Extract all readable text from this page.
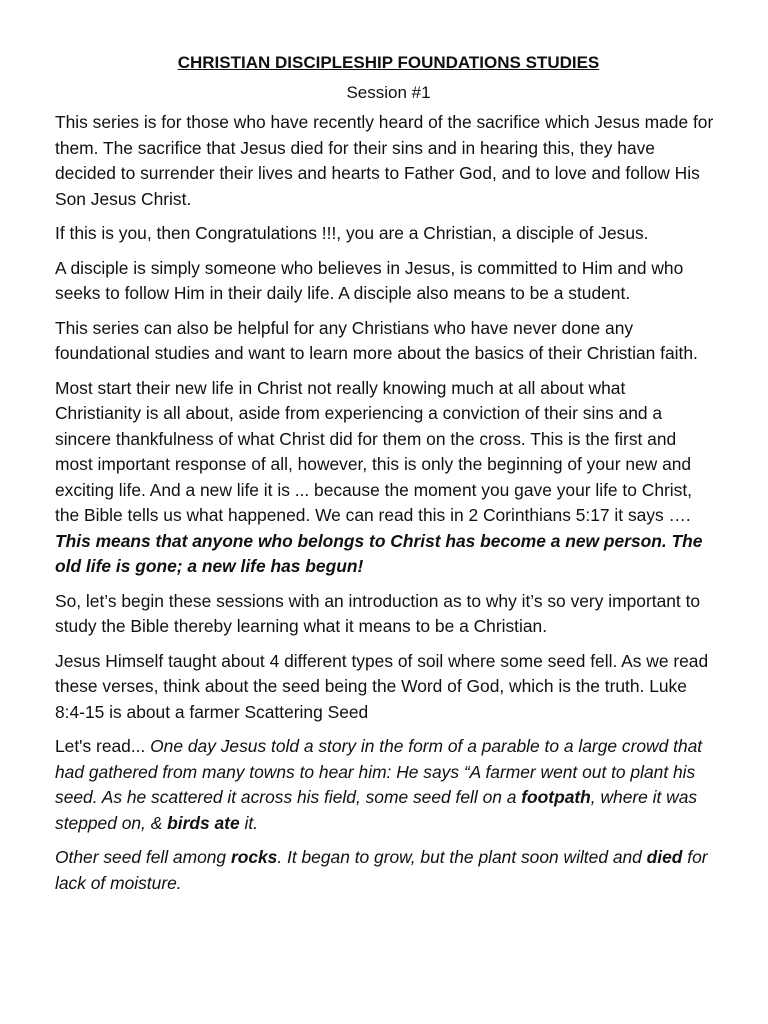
CHRISTIAN DISCIPLESHIP FOUNDATIONS STUDIES
Session #1

This series is for those who have recently heard of the sacrifice which Jesus made for them. The sacrifice that Jesus died for their sins and in hearing this, they have decided to surrender their lives and hearts to Father God, and to love and follow His Son Jesus Christ.

If this is you, then Congratulations !!!, you are a Christian, a disciple of Jesus.

A disciple is simply someone who believes in Jesus, is committed to Him and who seeks to follow Him in their daily life. A disciple also means to be a student.

This series can also be helpful for any Christians who have never done any foundational studies and want to learn more about the basics of their Christian faith.

Most start their new life in Christ not really knowing much at all about what Christianity is all about, aside from experiencing a conviction of their sins and a sincere thankfulness of what Christ did for them on the cross. This is the first and most important response of all, however, this is only the beginning of your new and exciting life. And a new life it is ... because the moment you gave your life to Christ, the Bible tells us what happened. We can read this in 2 Corinthians 5:17 it says …. This means that anyone who belongs to Christ has become a new person. The old life is gone; a new life has begun!

So, let’s begin these sessions with an introduction as to why it’s so very important to study the Bible thereby learning what it means to be a Christian.

Jesus Himself taught about 4 different types of soil where some seed fell. As we read these verses, think about the seed being the Word of God, which is the truth. Luke 8:4-15 is about a farmer Scattering Seed

Let's read... One day Jesus told a story in the form of a parable to a large crowd that had gathered from many towns to hear him: He says “A farmer went out to plant his seed. As he scattered it across his field, some seed fell on a footpath, where it was stepped on, & birds ate it.

Other seed fell among rocks. It began to grow, but the plant soon wilted and died for lack of moisture.
